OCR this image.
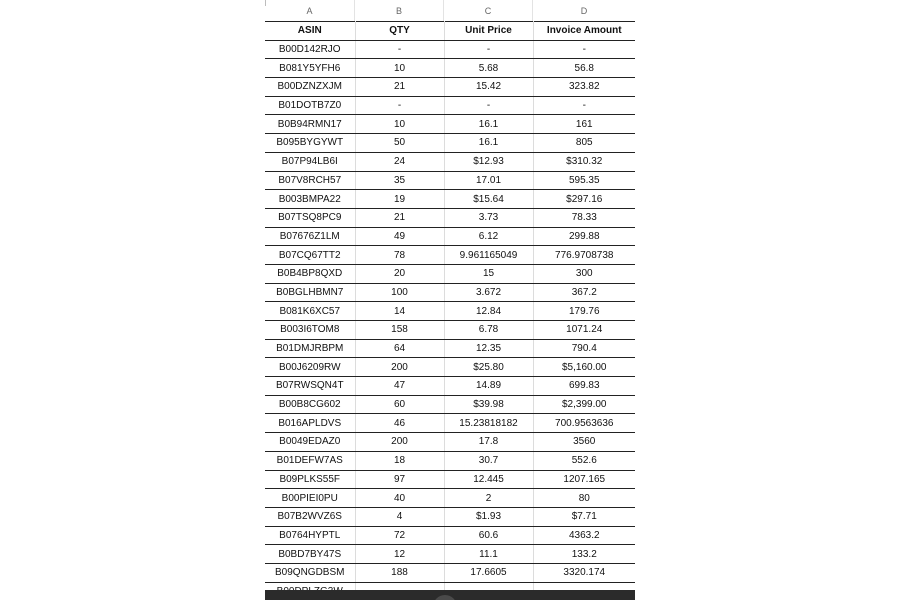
A	B	C	D
ASIN	QTY	Unit Price	Invoice Amount
B00D142RJO	-	-	-
B081Y5YFH6	10	5.68	56.8
B00DZNZXJM	21	15.42	323.82
B01DOTB7Z0	-	-	-
B0B94RMN17	10	16.1	161
B095BYGYWT	50	16.1	805
B07P94LB6I	24	$12.93	$310.32
B07V8RCH57	35	17.01	595.35
B003BMPA22	19	$15.64	$297.16
B07TSQ8PC9	21	3.73	78.33
B07676Z1LM	49	6.12	299.88
B07CQ67TT2	78	9.961165049	776.9708738
B0B4BP8QXD	20	15	300
B0BGLHBMN7	100	3.672	367.2
B081K6XC57	14	12.84	179.76
B003I6TOM8	158	6.78	1071.24
B01DMJRBPM	64	12.35	790.4
B00J6209RW	200	$25.80	$5,160.00
B07RWSQN4T	47	14.89	699.83
B00B8CG602	60	$39.98	$2,399.00
B016APLDVS	46	15.23818182	700.9563636
B0049EDAZ0	200	17.8	3560
B01DEFW7AS	18	30.7	552.6
B09PLKS55F	97	12.445	1207.165
B00PIEI0PU	40	2	80
B07B2WVZ6S	4	$1.93	$7.71
B0764HYPTL	72	60.6	4363.2
B0BD7BY47S	12	11.1	133.2
B09QNGDBSM	188	17.6605	3320.174
